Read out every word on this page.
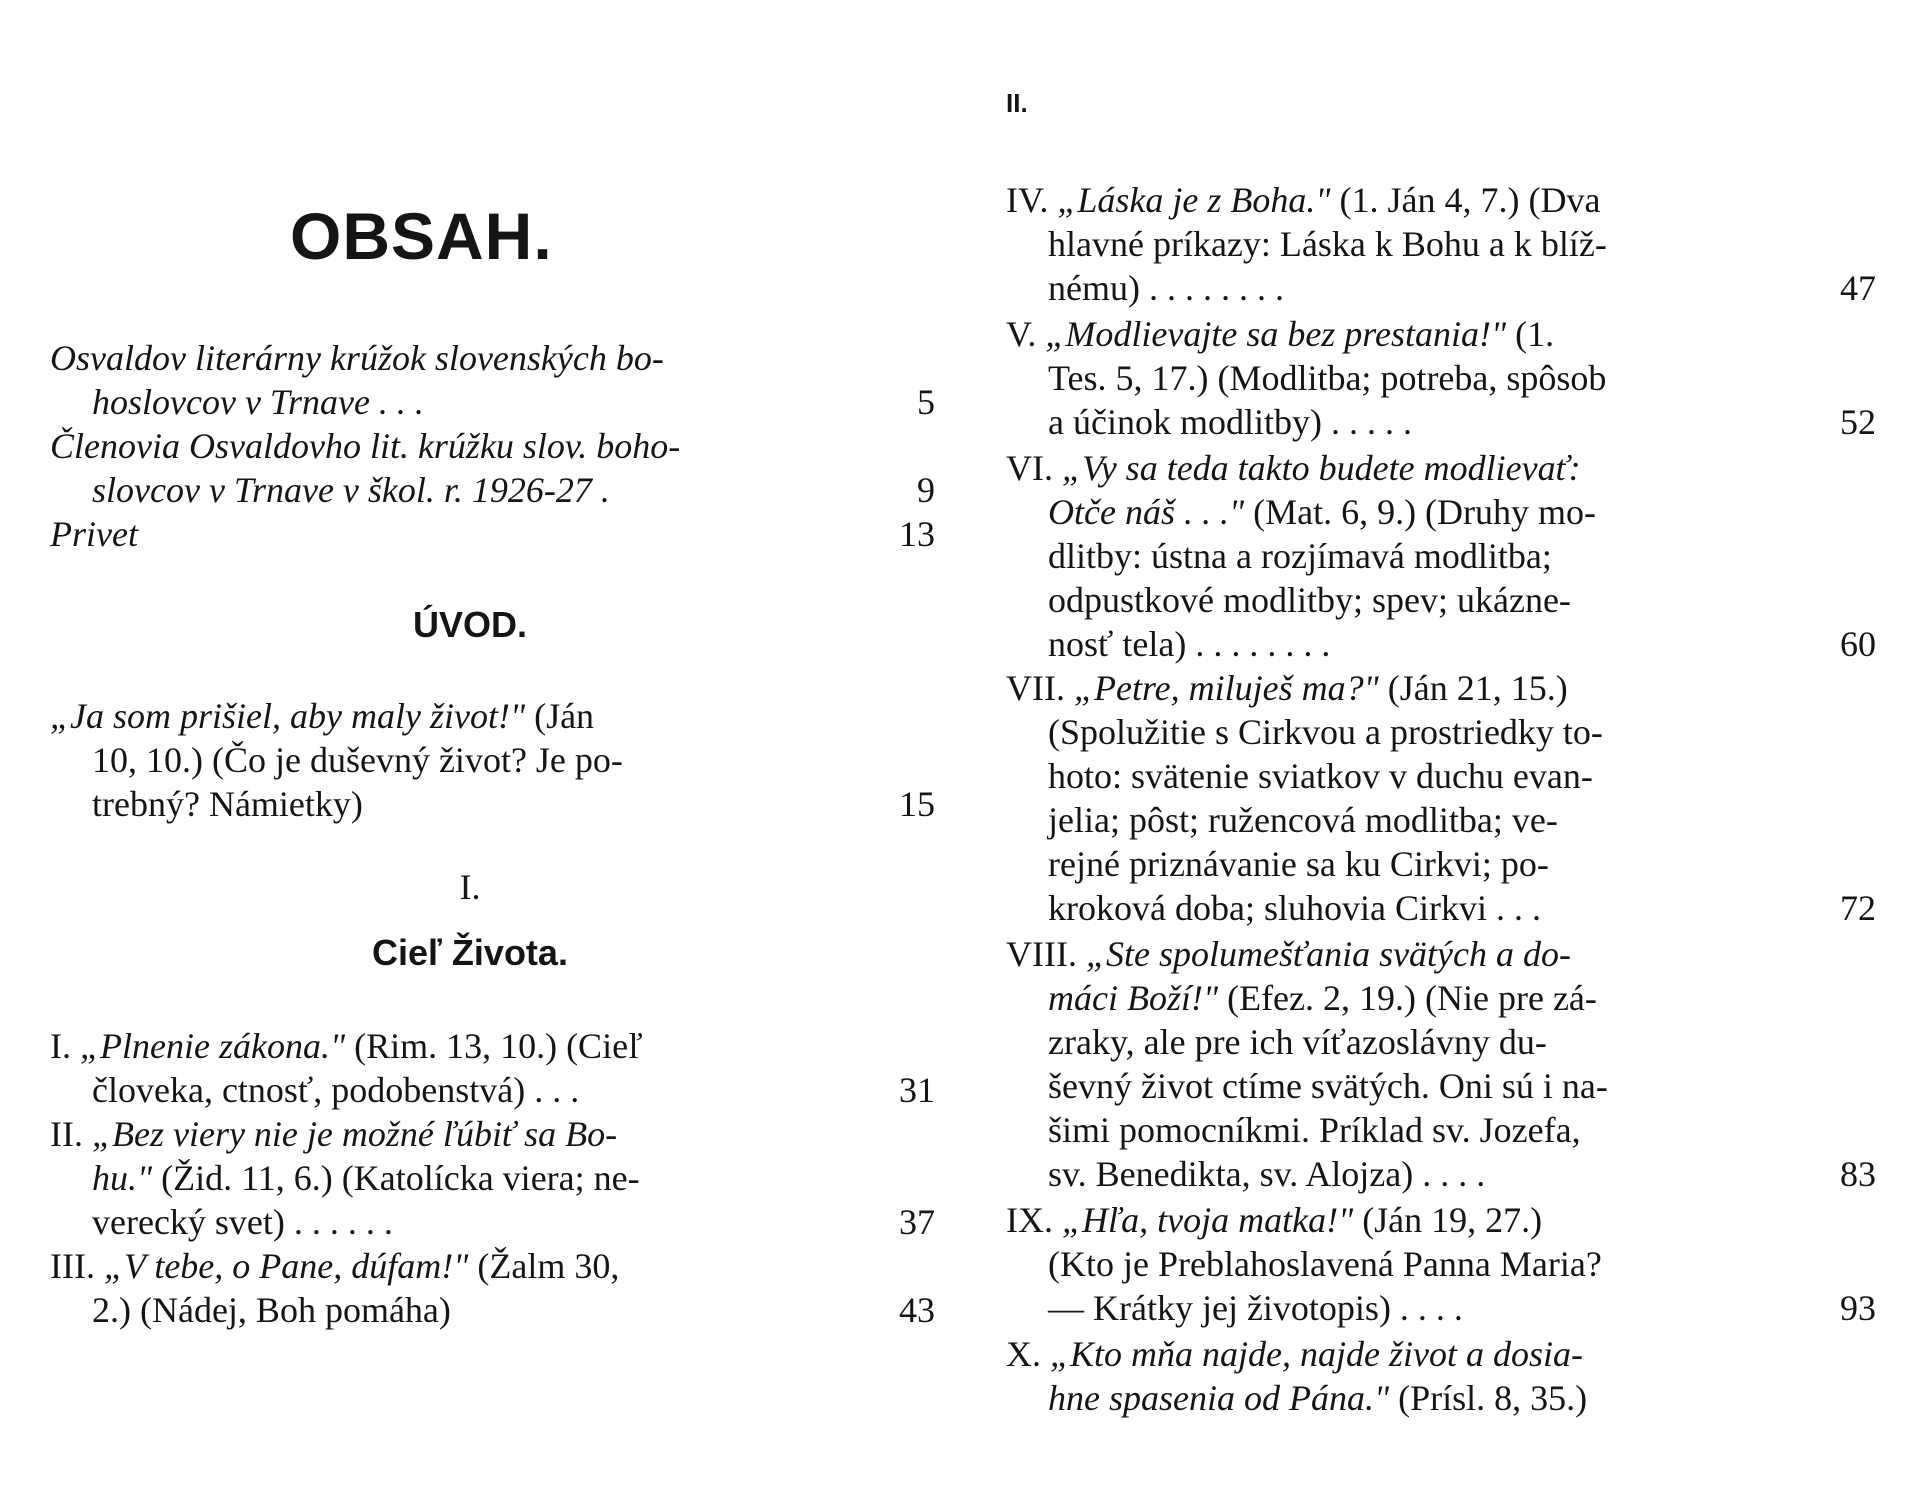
II.
OBSAH.
Osvaldov literárny krúžok slovenských bo-
hoslovcov v Trnave . . .	5
Členovia Osvaldovho lit. krúžku slov. boho-
slovcov v Trnave v škol. r. 1926-27 .	9
Privet	13
ÚVOD.
„Ja som prišiel, aby maly život!" (Ján
10, 10.) (Čo je duševný život? Je po-
trebný? Námietky)	15
I.
Cieľ Života.
I. „Plnenie zákona." (Rim. 13, 10.) (Cieľ
človeka, ctnosť, podobenstvá) . . .	31
II. „Bez viery nie je možné ľúbiť sa Bo-
hu." (Žid. 11, 6.) (Katolícka viera; ne-
verecký svet) . . . . . .	37
III. „V tebe, o Pane, dúfam!" (Žalm 30,
2.) (Nádej, Boh pomáha)	43
IV. „Láska je z Boha." (1. Ján 4, 7.) (Dva
hlavné príkazy: Láska k Bohu a k blíž-
nému) . . . . . . . .	47
V. „Modlievajte sa bez prestania!" (1.
Tes. 5, 17.) (Modlitba; potreba, spôsob
a účinok modlitby) . . . . .	52
VI. „Vy sa teda takto budete modlievať:
Otče náš . . ." (Mat. 6, 9.) (Druhy mo-
dlitby: ústna a rozjímavá modlitba;
odpustkové modlitby; spev; ukázne-
nosť tela) . . . . . . . .	60
VII. „Petre, miluješ ma?" (Ján 21, 15.)
(Spolužitie s Cirkvou a prostriedky to-
hoto: svätenie sviatkov v duchu evan-
jelia; pôst; ružencová modlitba; ve-
rejné priznávanie sa ku Cirkvi; po-
kroková doba; sluhovia Cirkvi . . .	72
VIII. „Ste spolumešťania svätých a do-
máci Boží!" (Efez. 2, 19.) (Nie pre zá-
zraky, ale pre ich víťazoslávny du-
ševný život ctíme svätých. Oni sú i na-
šimi pomocníkmi. Príklad sv. Jozefa,
sv. Benedikta, sv. Alojza) . . . .	83
IX. „Hľa, tvoja matka!" (Ján 19, 27.)
(Kto je Preblahoslavená Panna Maria?
— Krátky jej životopis) . . . .	93
X. „Kto mňa najde, najde život a dosia-
hne spasenia od Pána." (Prísl. 8, 35.)
